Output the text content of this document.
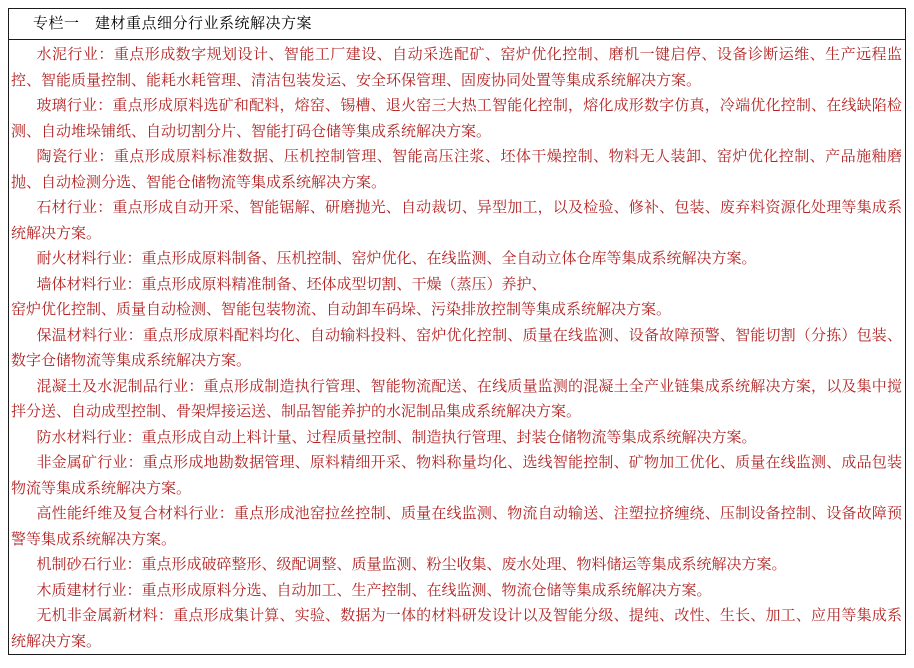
专栏一　建材重点细分行业系统解决方案

水泥行业：重点形成数字规划设计、智能工厂建设、自动采选配矿、窑炉优化控制、磨机一键启停、设备诊断运维、生产远程监控、智能质量控制、能耗水耗管理、清洁包装发运、安全环保管理、固废协同处置等集成系统解决方案。

玻璃行业：重点形成原料选矿和配料，熔窑、锡槽、退火窑三大热工智能化控制，熔化成形数字仿真，冷端优化控制、在线缺陷检测、自动堆垛铺纸、自动切割分片、智能打码仓储等集成系统解决方案。

陶瓷行业：重点形成原料标准数据、压机控制管理、智能高压注浆、坯体干燥控制、物料无人装卸、窑炉优化控制、产品施釉磨抛、自动检测分选、智能仓储物流等集成系统解决方案。

石材行业：重点形成自动开采、智能锯解、研磨抛光、自动裁切、异型加工，以及检验、修补、包装、废弃料资源化处理等集成系统解决方案。

耐火材料行业：重点形成原料制备、压机控制、窑炉优化、在线监测、全自动立体仓库等集成系统解决方案。

墙体材料行业：重点形成原料精准制备、坯体成型切割、干燥（蒸压）养护、

窑炉优化控制、质量自动检测、智能包装物流、自动卸车码垛、污染排放控制等集成系统解决方案。

保温材料行业：重点形成原料配料均化、自动输料投料、窑炉优化控制、质量在线监测、设备故障预警、智能切割（分拣）包装、数字仓储物流等集成系统解决方案。

混凝土及水泥制品行业：重点形成制造执行管理、智能物流配送、在线质量监测的混凝土全产业链集成系统解决方案，以及集中搅拌分送、自动成型控制、骨架焊接运送、制品智能养护的水泥制品集成系统解决方案。

防水材料行业：重点形成自动上料计量、过程质量控制、制造执行管理、封装仓储物流等集成系统解决方案。

非金属矿行业：重点形成地勘数据管理、原料精细开采、物料称量均化、选线智能控制、矿物加工优化、质量在线监测、成品包装物流等集成系统解决方案。

高性能纤维及复合材料行业：重点形成池窑拉丝控制、质量在线监测、物流自动输送、注塑拉挤缠绕、压制设备控制、设备故障预警等集成系统解决方案。

机制砂石行业：重点形成破碎整形、级配调整、质量监测、粉尘收集、废水处理、物料储运等集成系统解决方案。

木质建材行业：重点形成原料分选、自动加工、生产控制、在线监测、物流仓储等集成系统解决方案。

无机非金属新材料：重点形成集计算、实验、数据为一体的材料研发设计以及智能分级、提纯、改性、生长、加工、应用等集成系统解决方案。
